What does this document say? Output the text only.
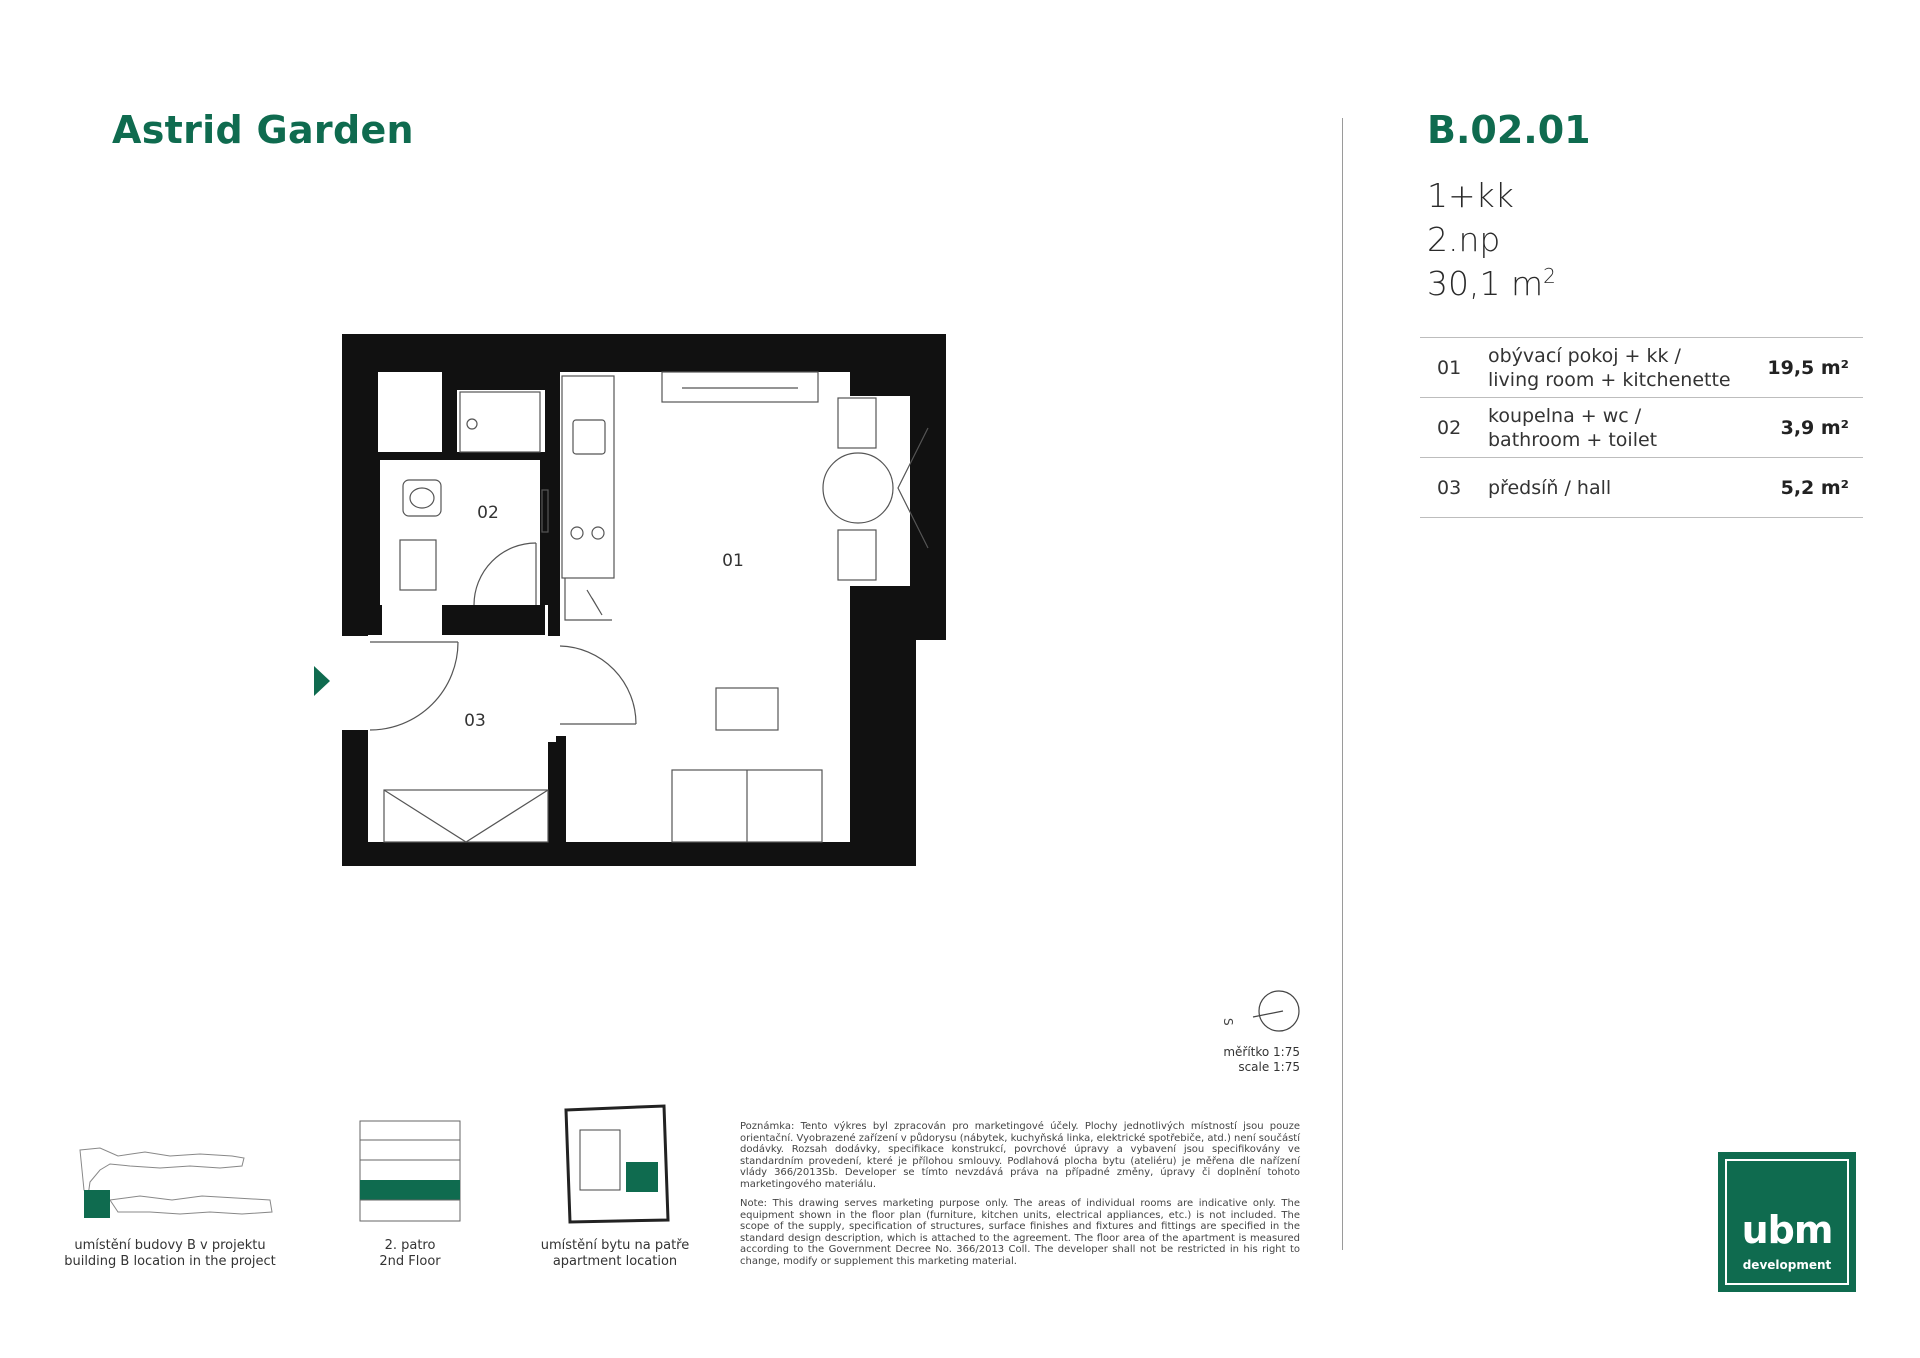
Astrid Garden	B.02.01
1+kk
2.np
30,1 $m^2$
01
obývací pokoj + kk /
living room + kitchenette
19,5 m²
02
koupelna + wc /
bathroom + toilet
3,9 m²
03 předsíň / hall	5,2 m²
01
02
03
S
umístění budovy B v projektu
building B location in the project
2. patro
2nd Floor
umístění bytu na patře
apartment location
měřítko 1:75
scale 1:75

Poznámka: Tento výkres byl zpracován pro marketingové účely. Plochy jednotlivých místností jsou pouze orientační. Vyobrazené zařízení v půdorysu (nábytek, kuchyňská linka, elektrické spotřebiče, atd.) není součástí dodávky. Rozsah dodávky, specifikace konstrukcí, povrchové úpravy a vybavení jsou specifikovány ve standardním provedení, které je přílohou smlouvy. Podlahová plocha bytu (ateliéru) je měřena dle nařízení vlády 366/2013Sb. Developer se tímto nevzdává práva na případné změny, úpravy či doplnění tohoto marketingového materiálu.

Note: This drawing serves marketing purpose only. The areas of individual rooms are indicative only. The equipment shown in the floor plan (furniture, kitchen units, electrical appliances, etc.) is not included. The scope of the supply, specification of structures, surface finishes and fixtures and fittings are specified in the standard design description, which is attached to the agreement. The floor area of the apartment is measured according to the Government Decree No. 366/2013 Coll. The developer shall not be restricted in his right to change, modify or supplement this marketing material.

ubm
development
